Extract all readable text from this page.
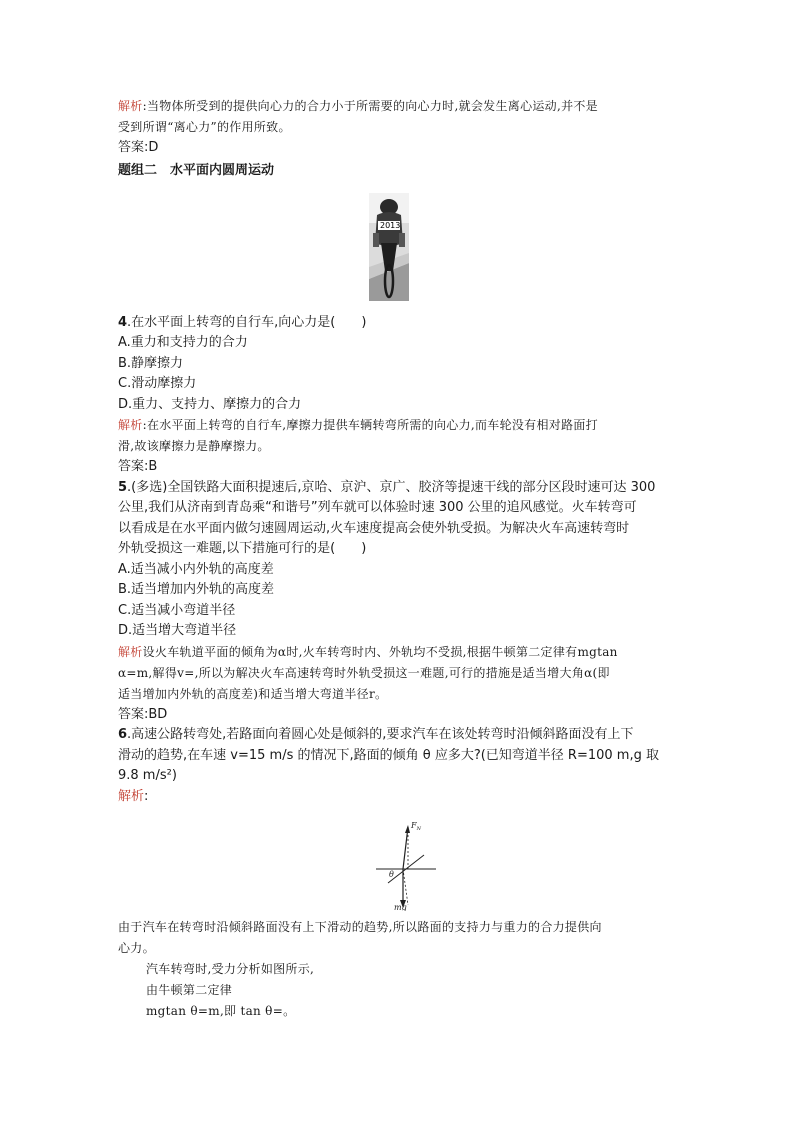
解析:当物体所受到的提供向心力的合力小于所需要的向心力时,就会发生离心运动,并不是
受到所谓“离心力”的作用所致。
答案:D
题组二　水平面内圆周运动
2013
4.在水平面上转弯的自行车,向心力是(　　)
A.重力和支持力的合力
B.静摩擦力
C.滑动摩擦力
D.重力、支持力、摩擦力的合力
解析:在水平面上转弯的自行车,摩擦力提供车辆转弯所需的向心力,而车轮没有相对路面打
滑,故该摩擦力是静摩擦力。
答案:B
5.(多选)全国铁路大面积提速后,京哈、京沪、京广、胶济等提速干线的部分区段时速可达 300
公里,我们从济南到青岛乘“和谐号”列车就可以体验时速 300 公里的追风感觉。火车转弯可
以看成是在水平面内做匀速圆周运动,火车速度提高会使外轨受损。为解决火车高速转弯时
外轨受损这一难题,以下措施可行的是(　　)
A.适当减小内外轨的高度差
B.适当增加内外轨的高度差
C.适当减小弯道半径
D.适当增大弯道半径
解析设火车轨道平面的倾角为α时,火车转弯时内、外轨均不受损,根据牛顿第二定律有mgtan
α=m,解得v=,所以为解决火车高速转弯时外轨受损这一难题,可行的措施是适当增大角α(即
适当增加内外轨的高度差)和适当增大弯道半径r。
答案:BD
6.高速公路转弯处,若路面向着圆心处是倾斜的,要求汽车在该处转弯时沿倾斜路面没有上下
滑动的趋势,在车速 v=15 m/s 的情况下,路面的倾角 θ 应多大?(已知弯道半径 R=100 m,g 取
9.8 m/s²)
解析:
$F_N$
θ
mg
由于汽车在转弯时沿倾斜路面没有上下滑动的趋势,所以路面的支持力与重力的合力提供向
心力。
汽车转弯时,受力分析如图所示,
由牛顿第二定律
mgtan θ=m,即 tan θ=。
